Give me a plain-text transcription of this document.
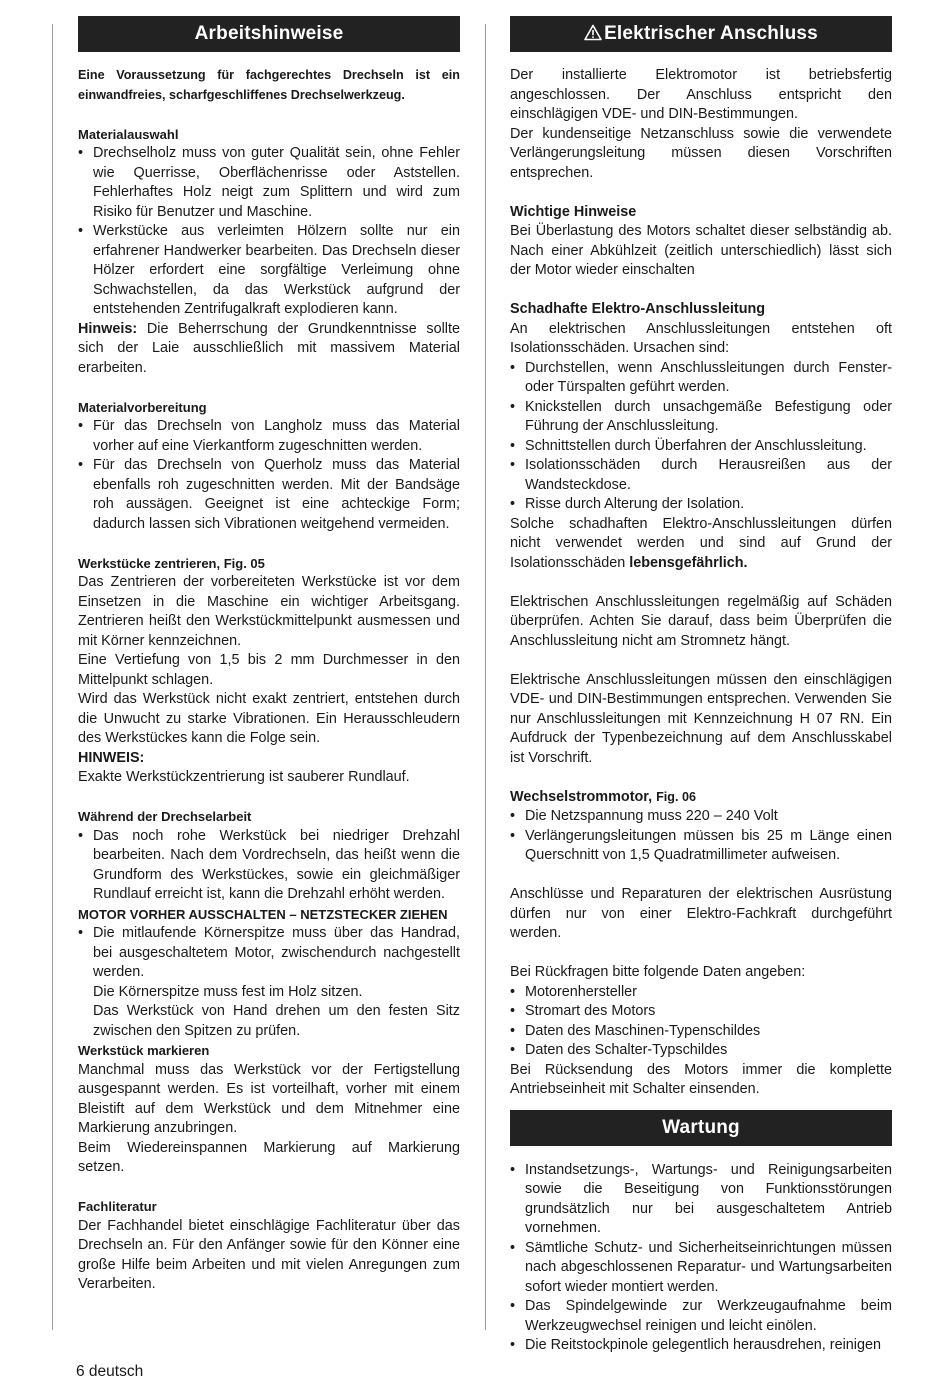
Arbeitshinweise

Eine Voraussetzung für fachgerechtes Drechseln ist ein einwandfreies, scharfgeschliffenes Drechselwerkzeug.

Materialauswahl
• Drechselholz muss von guter Qualität sein, ohne Fehler wie Querrisse, Oberflächenrisse oder Aststellen. Fehlerhaftes Holz neigt zum Splittern und wird zum Risiko für Benutzer und Maschine.
• Werkstücke aus verleimten Hölzern sollte nur ein erfahrener Handwerker bearbeiten. Das Drechseln dieser Hölzer erfordert eine sorgfältige Verleimung ohne Schwachstellen, da das Werkstück aufgrund der entstehenden Zentrifugalkraft explodieren kann.

Hinweis: Die Beherrschung der Grundkenntnisse sollte sich der Laie ausschließlich mit massivem Material erarbeiten.

Materialvorbereitung
• Für das Drechseln von Langholz muss das Material vorher auf eine Vierkantform zugeschnitten werden.
• Für das Drechseln von Querholz muss das Material ebenfalls roh zugeschnitten werden. Mit der Bandsäge roh aussägen. Geeignet ist eine achteckige Form; dadurch lassen sich Vibrationen weitgehend vermeiden.
Werkstücke zentrieren, Fig. 05

Das Zentrieren der vorbereiteten Werkstücke ist vor dem Einsetzen in die Maschine ein wichtiger Arbeitsgang. Zentrieren heißt den Werkstückmittelpunkt ausmessen und mit Körner kennzeichnen.

Eine Vertiefung von 1,5 bis 2 mm Durchmesser in den Mittelpunkt schlagen.

Wird das Werkstück nicht exakt zentriert, entstehen durch die Unwucht zu starke Vibrationen. Ein Herausschleudern des Werkstückes kann die Folge sein.

HINWEIS:

Exakte Werkstückzentrierung ist sauberer Rundlauf.

Während der Drechselarbeit
• Das noch rohe Werkstück bei niedriger Drehzahl bearbeiten. Nach dem Vordrechseln, das heißt wenn die Grundform des Werkstückes, sowie ein gleichmäßiger Rundlauf erreicht ist, kann die Drehzahl erhöht werden.
MOTOR VORHER AUSSCHALTEN – NETZSTECKER ZIEHEN
• Die mitlaufende Körnerspitze muss über das Handrad, bei ausgeschaltetem Motor, zwischendurch nachgestellt werden.

Die Körnerspitze muss fest im Holz sitzen.

Das Werkstück von Hand drehen um den festen Sitz zwischen den Spitzen zu prüfen.

Werkstück markieren

Manchmal muss das Werkstück vor der Fertigstellung ausgespannt werden. Es ist vorteilhaft, vorher mit einem Bleistift auf dem Werkstück und dem Mitnehmer eine Markierung anzubringen.

Beim Wiedereinspannen Markierung auf Markierung setzen.

Fachliteratur

Der Fachhandel bietet einschlägige Fachliteratur über das Drechseln an. Für den Anfänger sowie für den Könner eine große Hilfe beim Arbeiten und mit vielen Anregungen zum Verarbeiten.

Elektrischer Anschluss

Der installierte Elektromotor ist betriebsfertig angeschlossen. Der Anschluss entspricht den einschlägigen VDE- und DIN-Bestimmungen.

Der kundenseitige Netzanschluss sowie die verwendete Verlängerungsleitung müssen diesen Vorschriften entsprechen.

Wichtige Hinweise

Bei Überlastung des Motors schaltet dieser selbständig ab. Nach einer Abkühlzeit (zeitlich unterschiedlich) lässt sich der Motor wieder einschalten

Schadhafte Elektro-Anschlussleitung

An elektrischen Anschlussleitungen entstehen oft Isolationsschäden. Ursachen sind:

• Durchstellen, wenn Anschlussleitungen durch Fenster- oder Türspalten geführt werden.
• Knickstellen durch unsachgemäße Befestigung oder Führung der Anschlussleitung.
• Schnittstellen durch Überfahren der Anschlussleitung.
• Isolationsschäden durch Herausreißen aus der Wandsteckdose.
• Risse durch Alterung der Isolation.

Solche schadhaften Elektro-Anschlussleitungen dürfen nicht verwendet werden und sind auf Grund der Isolationsschäden lebensgefährlich.

Elektrischen Anschlussleitungen regelmäßig auf Schäden überprüfen. Achten Sie darauf, dass beim Überprüfen die Anschlussleitung nicht am Stromnetz hängt.

Elektrische Anschlussleitungen müssen den einschlägigen VDE- und DIN-Bestimmungen entsprechen. Verwenden Sie nur Anschlussleitungen mit Kennzeichnung H 07 RN. Ein Aufdruck der Typenbezeichnung auf dem Anschlusskabel ist Vorschrift.

Wechselstrommotor, Fig. 06
• Die Netzspannung muss 220 – 240 Volt
• Verlängerungsleitungen müssen bis 25 m Länge einen Querschnitt von 1,5 Quadratmillimeter aufweisen.

Anschlüsse und Reparaturen der elektrischen Ausrüstung dürfen nur von einer Elektro-Fachkraft durchgeführt werden.

Bei Rückfragen bitte folgende Daten angeben:

• Motorenhersteller
• Stromart des Motors
• Daten des Maschinen-Typenschildes
• Daten des Schalter-Typschildes

Bei Rücksendung des Motors immer die komplette Antriebseinheit mit Schalter einsenden.

Wartung
• Instandsetzungs-, Wartungs- und Reinigungsarbeiten sowie die Beseitigung von Funktionsstörungen grundsätzlich nur bei ausgeschaltetem Antrieb vornehmen.
• Sämtliche Schutz- und Sicherheitseinrichtungen müssen nach abgeschlossenen Reparatur- und Wartungsarbeiten sofort wieder montiert werden.
• Das Spindelgewinde zur Werkzeugaufnahme beim Werkzeugwechsel reinigen und leicht einölen.
• Die Reitstockpinole gelegentlich herausdrehen, reinigen
6 deutsch
